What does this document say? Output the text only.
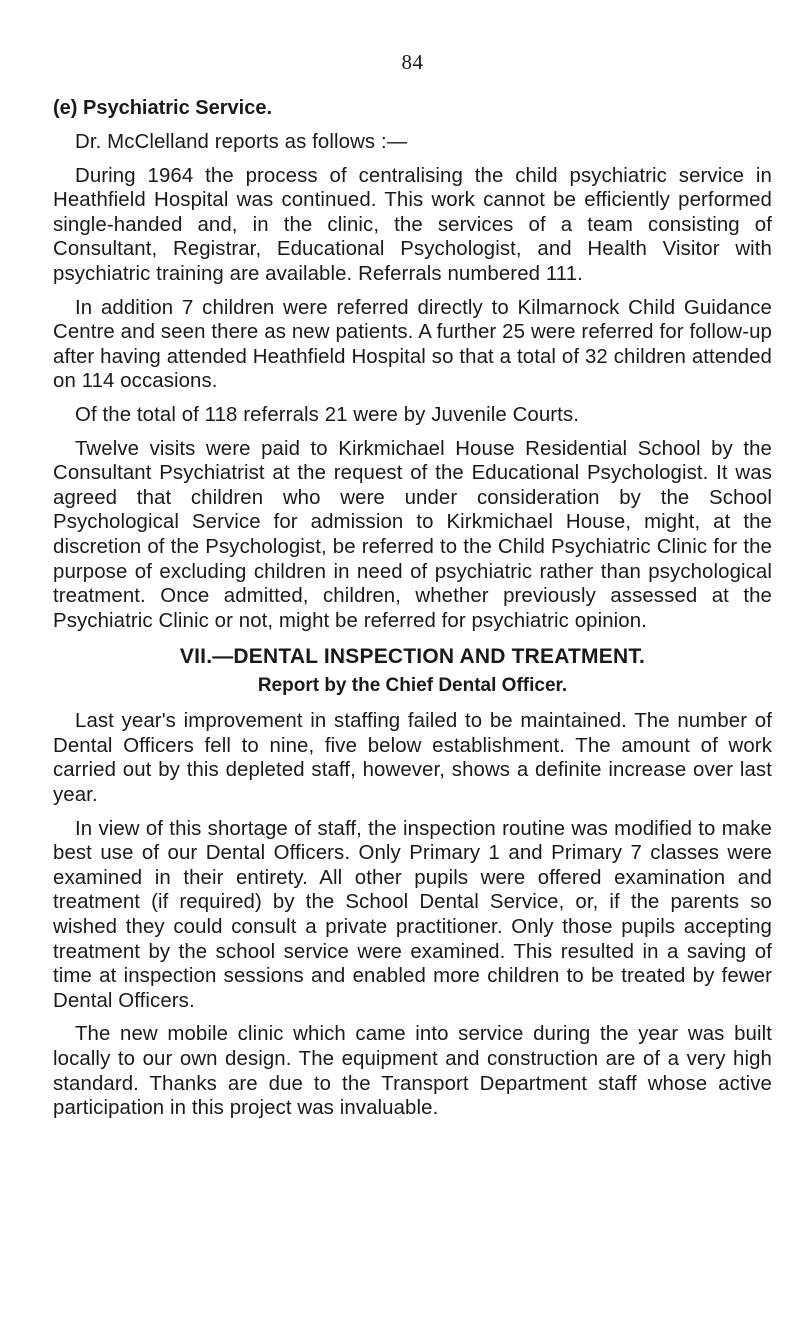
84
(e) Psychiatric Service.

Dr. McClelland reports as follows :—

During 1964 the process of centralising the child psychiatric service in Heathfield Hospital was continued. This work cannot be efficiently performed single-handed and, in the clinic, the services of a team consisting of Consultant, Registrar, Educational Psychologist, and Health Visitor with psychiatric training are available. Referrals numbered 111.

In addition 7 children were referred directly to Kilmarnock Child Guidance Centre and seen there as new patients. A further 25 were referred for follow-up after having attended Heathfield Hospital so that a total of 32 children attended on 114 occasions.

Of the total of 118 referrals 21 were by Juvenile Courts.

Twelve visits were paid to Kirkmichael House Residential School by the Consultant Psychiatrist at the request of the Educational Psychologist. It was agreed that children who were under consideration by the School Psychological Service for admission to Kirkmichael House, might, at the discretion of the Psychologist, be referred to the Child Psychiatric Clinic for the purpose of excluding children in need of psychiatric rather than psychological treatment. Once admitted, children, whether previously assessed at the Psychiatric Clinic or not, might be referred for psychiatric opinion.

VII.—DENTAL INSPECTION AND TREATMENT.
Report by the Chief Dental Officer.

Last year's improvement in staffing failed to be maintained. The number of Dental Officers fell to nine, five below establishment. The amount of work carried out by this depleted staff, however, shows a definite increase over last year.

In view of this shortage of staff, the inspection routine was modified to make best use of our Dental Officers. Only Primary 1 and Primary 7 classes were examined in their entirety. All other pupils were offered examination and treatment (if required) by the School Dental Service, or, if the parents so wished they could consult a private practitioner. Only those pupils accepting treatment by the school service were examined. This resulted in a saving of time at inspection sessions and enabled more children to be treated by fewer Dental Officers.

The new mobile clinic which came into service during the year was built locally to our own design. The equipment and construction are of a very high standard. Thanks are due to the Transport Department staff whose active participation in this project was invaluable.
